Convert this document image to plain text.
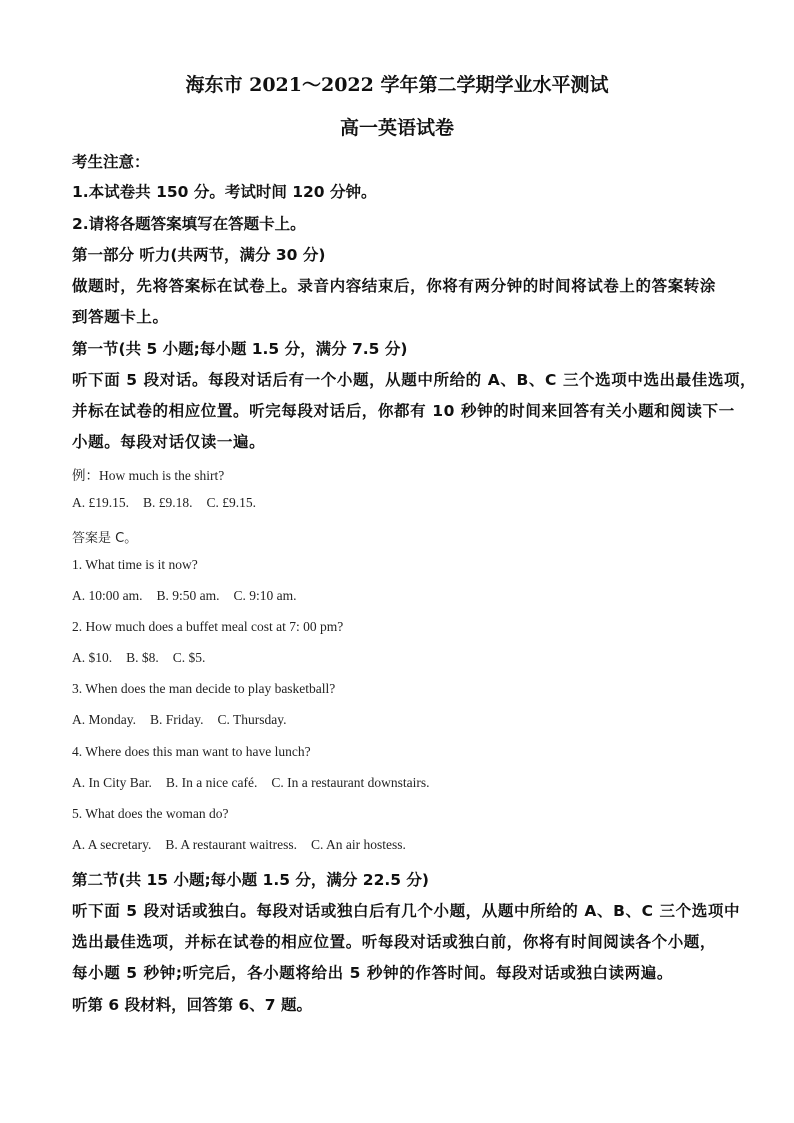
海东市 2021～2022 学年第二学期学业水平测试
高一英语试卷
考生注意：
1.本试卷共 150 分。考试时间 120 分钟。
2.请将各题答案填写在答题卡上。
第一部分 听力(共两节，满分 30 分)
做题时，先将答案标在试卷上。录音内容结束后，你将有两分钟的时间将试卷上的答案转涂
到答题卡上。
第一节(共 5 小题;每小题 1.5 分，满分 7.5 分)
听下面 5 段对话。每段对话后有一个小题，从题中所给的 A、B、C 三个选项中选出最佳选项，
并标在试卷的相应位置。听完每段对话后，你都有 10 秒钟的时间来回答有关小题和阅读下一
小题。每段对话仅读一遍。
例：How much is the shirt?
A. £19.15. B. £9.18. C. £9.15.
答案是 C。
1. What time is it now?
A. 10:00 am. B. 9:50 am. C. 9:10 am.
2. How much does a buffet meal cost at 7: 00 pm?
A. $10. B. $8. C. $5.
3. When does the man decide to play basketball?
A. Monday. B. Friday. C. Thursday.
4. Where does this man want to have lunch?
A. In City Bar. B. In a nice café. C. In a restaurant downstairs.
5. What does the woman do?
A. A secretary. B. A restaurant waitress. C. An air hostess.
第二节(共 15 小题;每小题 1.5 分，满分 22.5 分)
听下面 5 段对话或独白。每段对话或独白后有几个小题，从题中所给的 A、B、C 三个选项中
选出最佳选项，并标在试卷的相应位置。听每段对话或独白前，你将有时间阅读各个小题，
每小题 5 秒钟;听完后，各小题将给出 5 秒钟的作答时间。每段对话或独白读两遍。
听第 6 段材料，回答第 6、7 题。
